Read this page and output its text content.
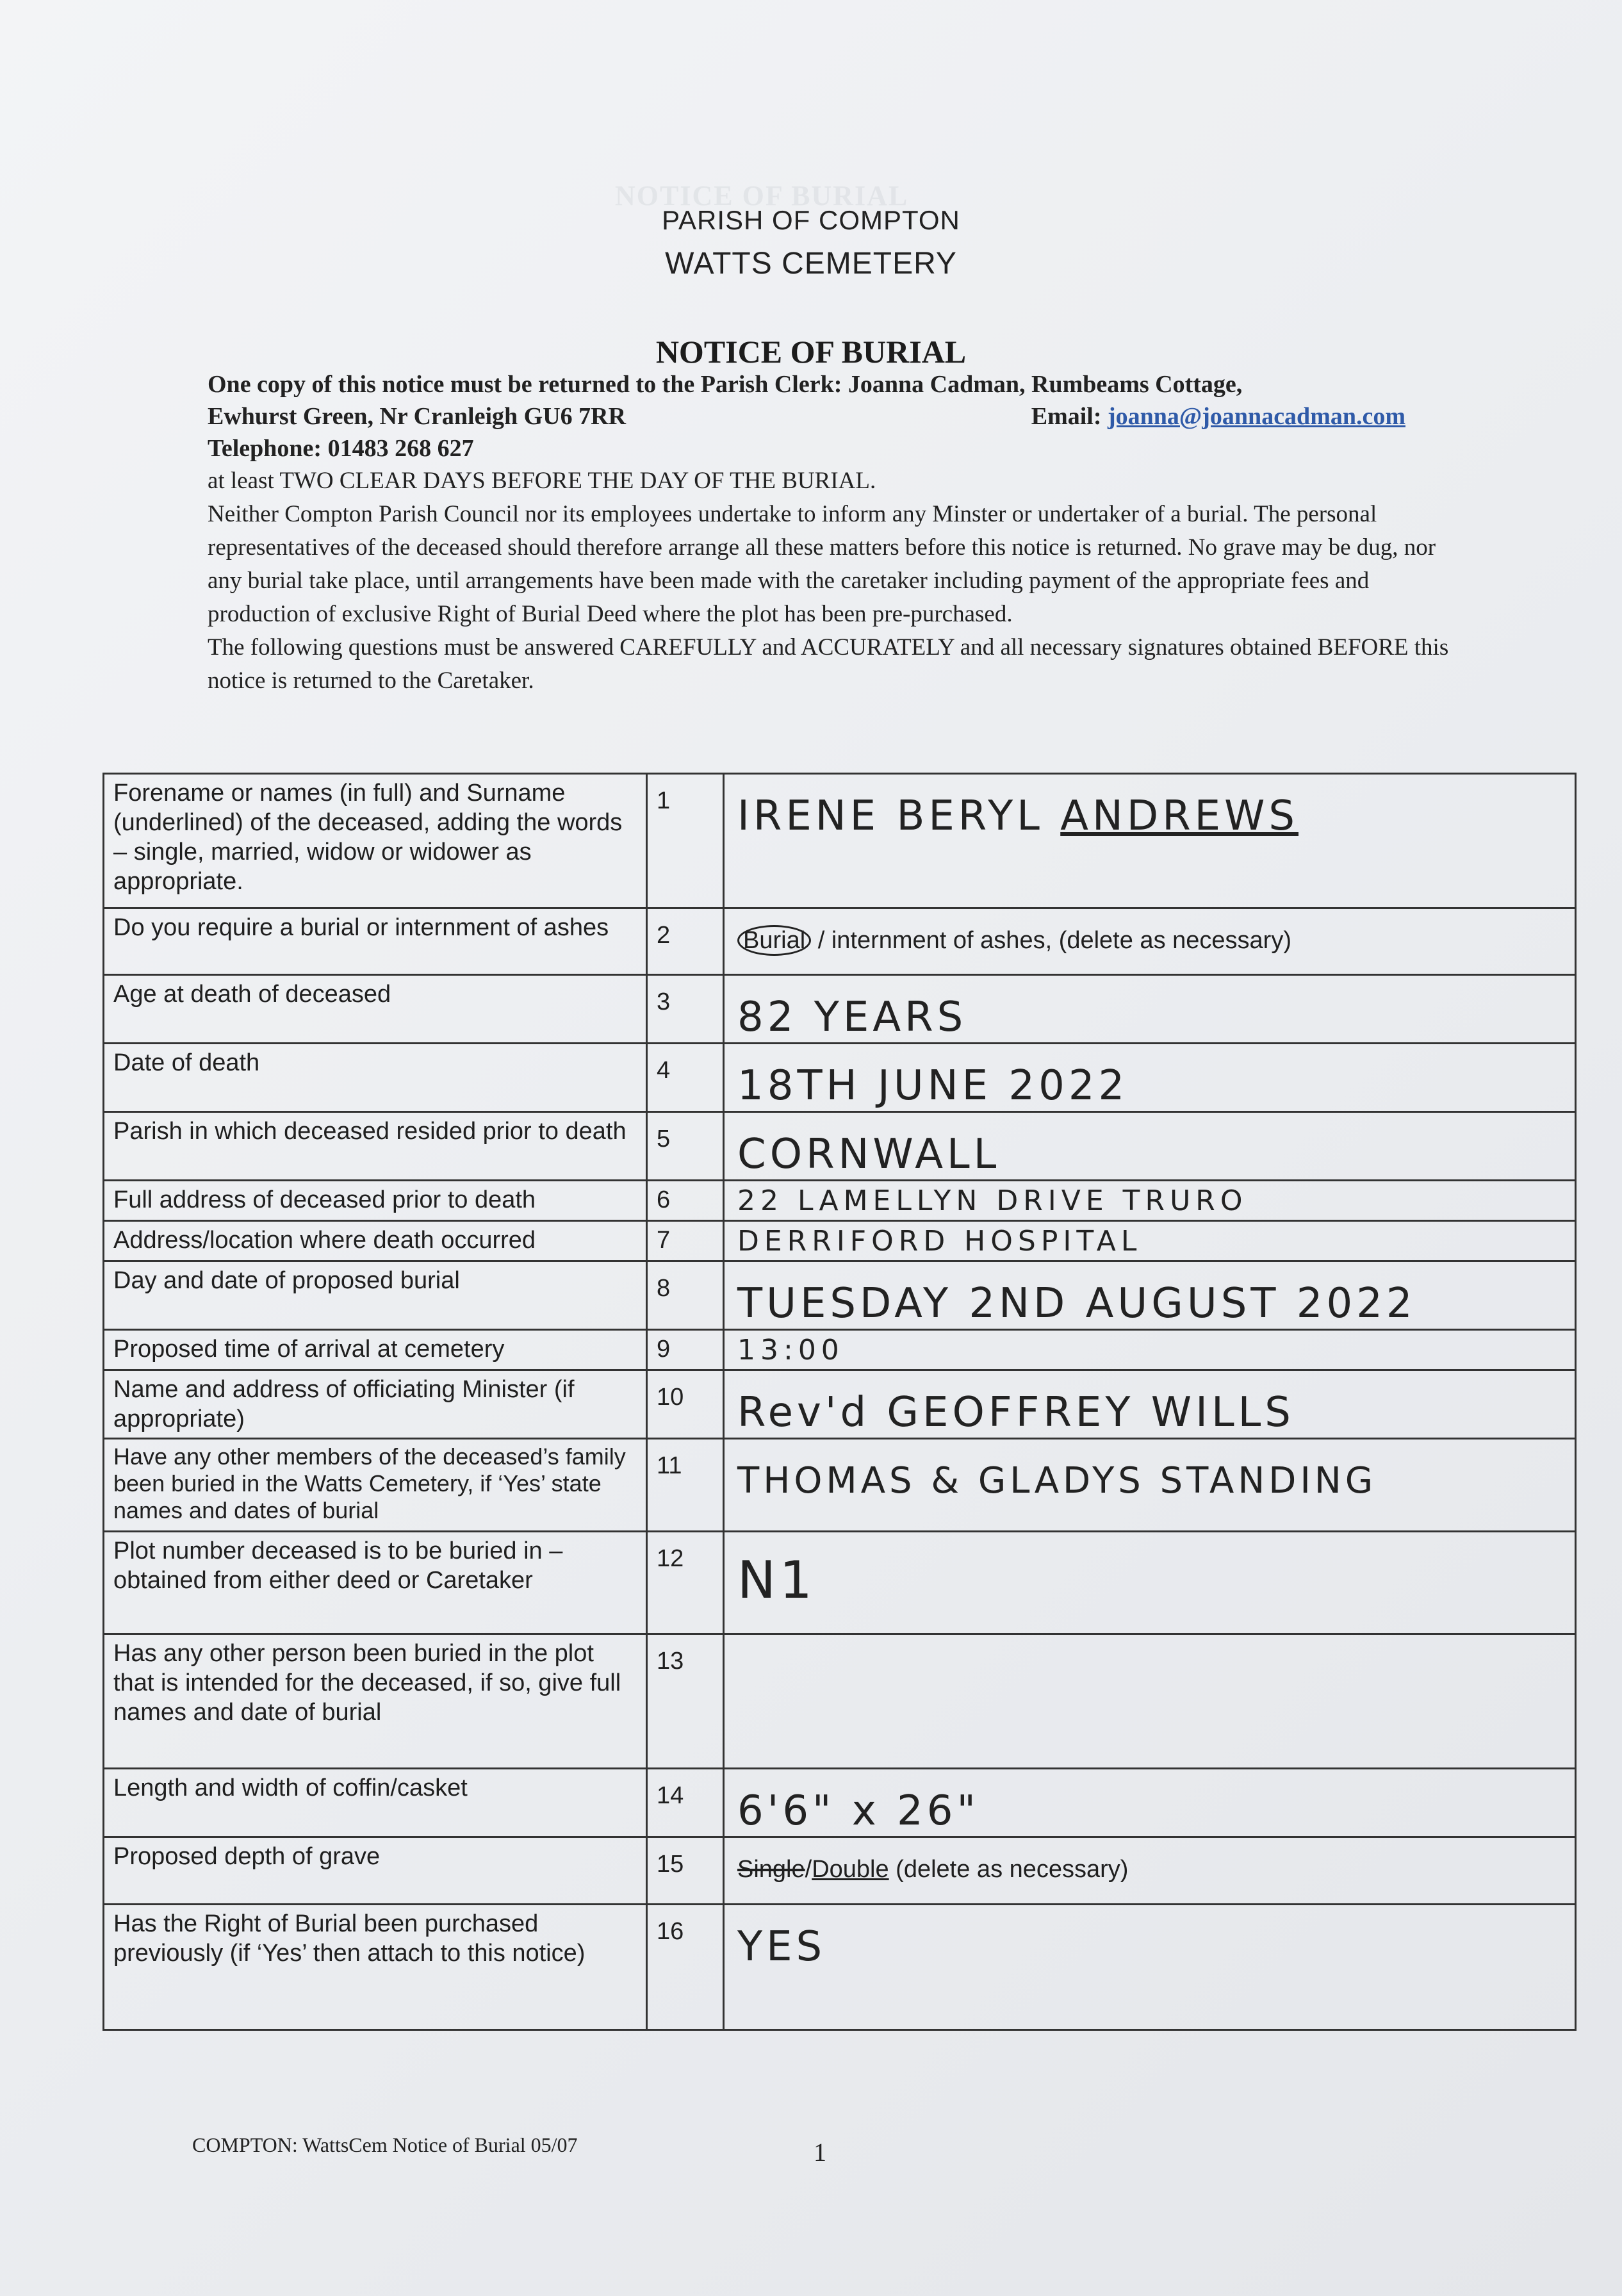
NOTICE OF BURIAL
PARISH OF COMPTON
WATTS CEMETERY
NOTICE OF BURIAL
One copy of this notice must be returned to the Parish Clerk: Joanna Cadman, Rumbeams Cottage,
Ewhurst Green, Nr Cranleigh GU6 7RR	Email: joanna@joannacadman.com
Telephone: 01483 268 627

at least TWO CLEAR DAYS BEFORE THE DAY OF THE BURIAL.

Neither Compton Parish Council nor its employees undertake to inform any Minster or undertaker of a burial. The personal representatives of the deceased should therefore arrange all these matters before this notice is returned. No grave may be dug, nor any burial take place, until arrangements have been made with the caretaker including payment of the appropriate fees and production of exclusive Right of Burial Deed where the plot has been pre-purchased.

The following questions must be answered CAREFULLY and ACCURATELY and all necessary signatures obtained BEFORE this notice is returned to the Caretaker.

Forename or names (in full) and Surname (underlined) of the deceased, adding the words – single, married, widow or widower as appropriate.	1	IRENE BERYL ANDREWS
Do you require a burial or internment of ashes	2	Burial / internment of ashes, (delete as necessary)
Age at death of deceased	3	82 YEARS
Date of death	4	18TH JUNE 2022
Parish in which deceased resided prior to death	5	CORNWALL
Full address of deceased prior to death	6	22 LAMELLYN DRIVE TRURO
Address/location where death occurred	7	DERRIFORD HOSPITAL
Day and date of proposed burial	8	TUESDAY 2ND AUGUST 2022
Proposed time of arrival at cemetery	9	13:00
Name and address of officiating Minister (if appropriate)	10	Rev'd GEOFFREY WILLS
Have any other members of the deceased’s family been buried in the Watts Cemetery, if ‘Yes’ state names and dates of burial	11	THOMAS & GLADYS STANDING
Plot number deceased is to be buried in – obtained from either deed or Caretaker	12	N1
Has any other person been buried in the plot that is intended for the deceased, if so, give full names and date of burial	13	
Length and width of coffin/casket	14	6'6" x 26"
Proposed depth of grave	15	Single/Double (delete as necessary)
Has the Right of Burial been purchased previously (if ‘Yes’ then attach to this notice)	16	YES
COMPTON: WattsCem Notice of Burial 05/07	1
